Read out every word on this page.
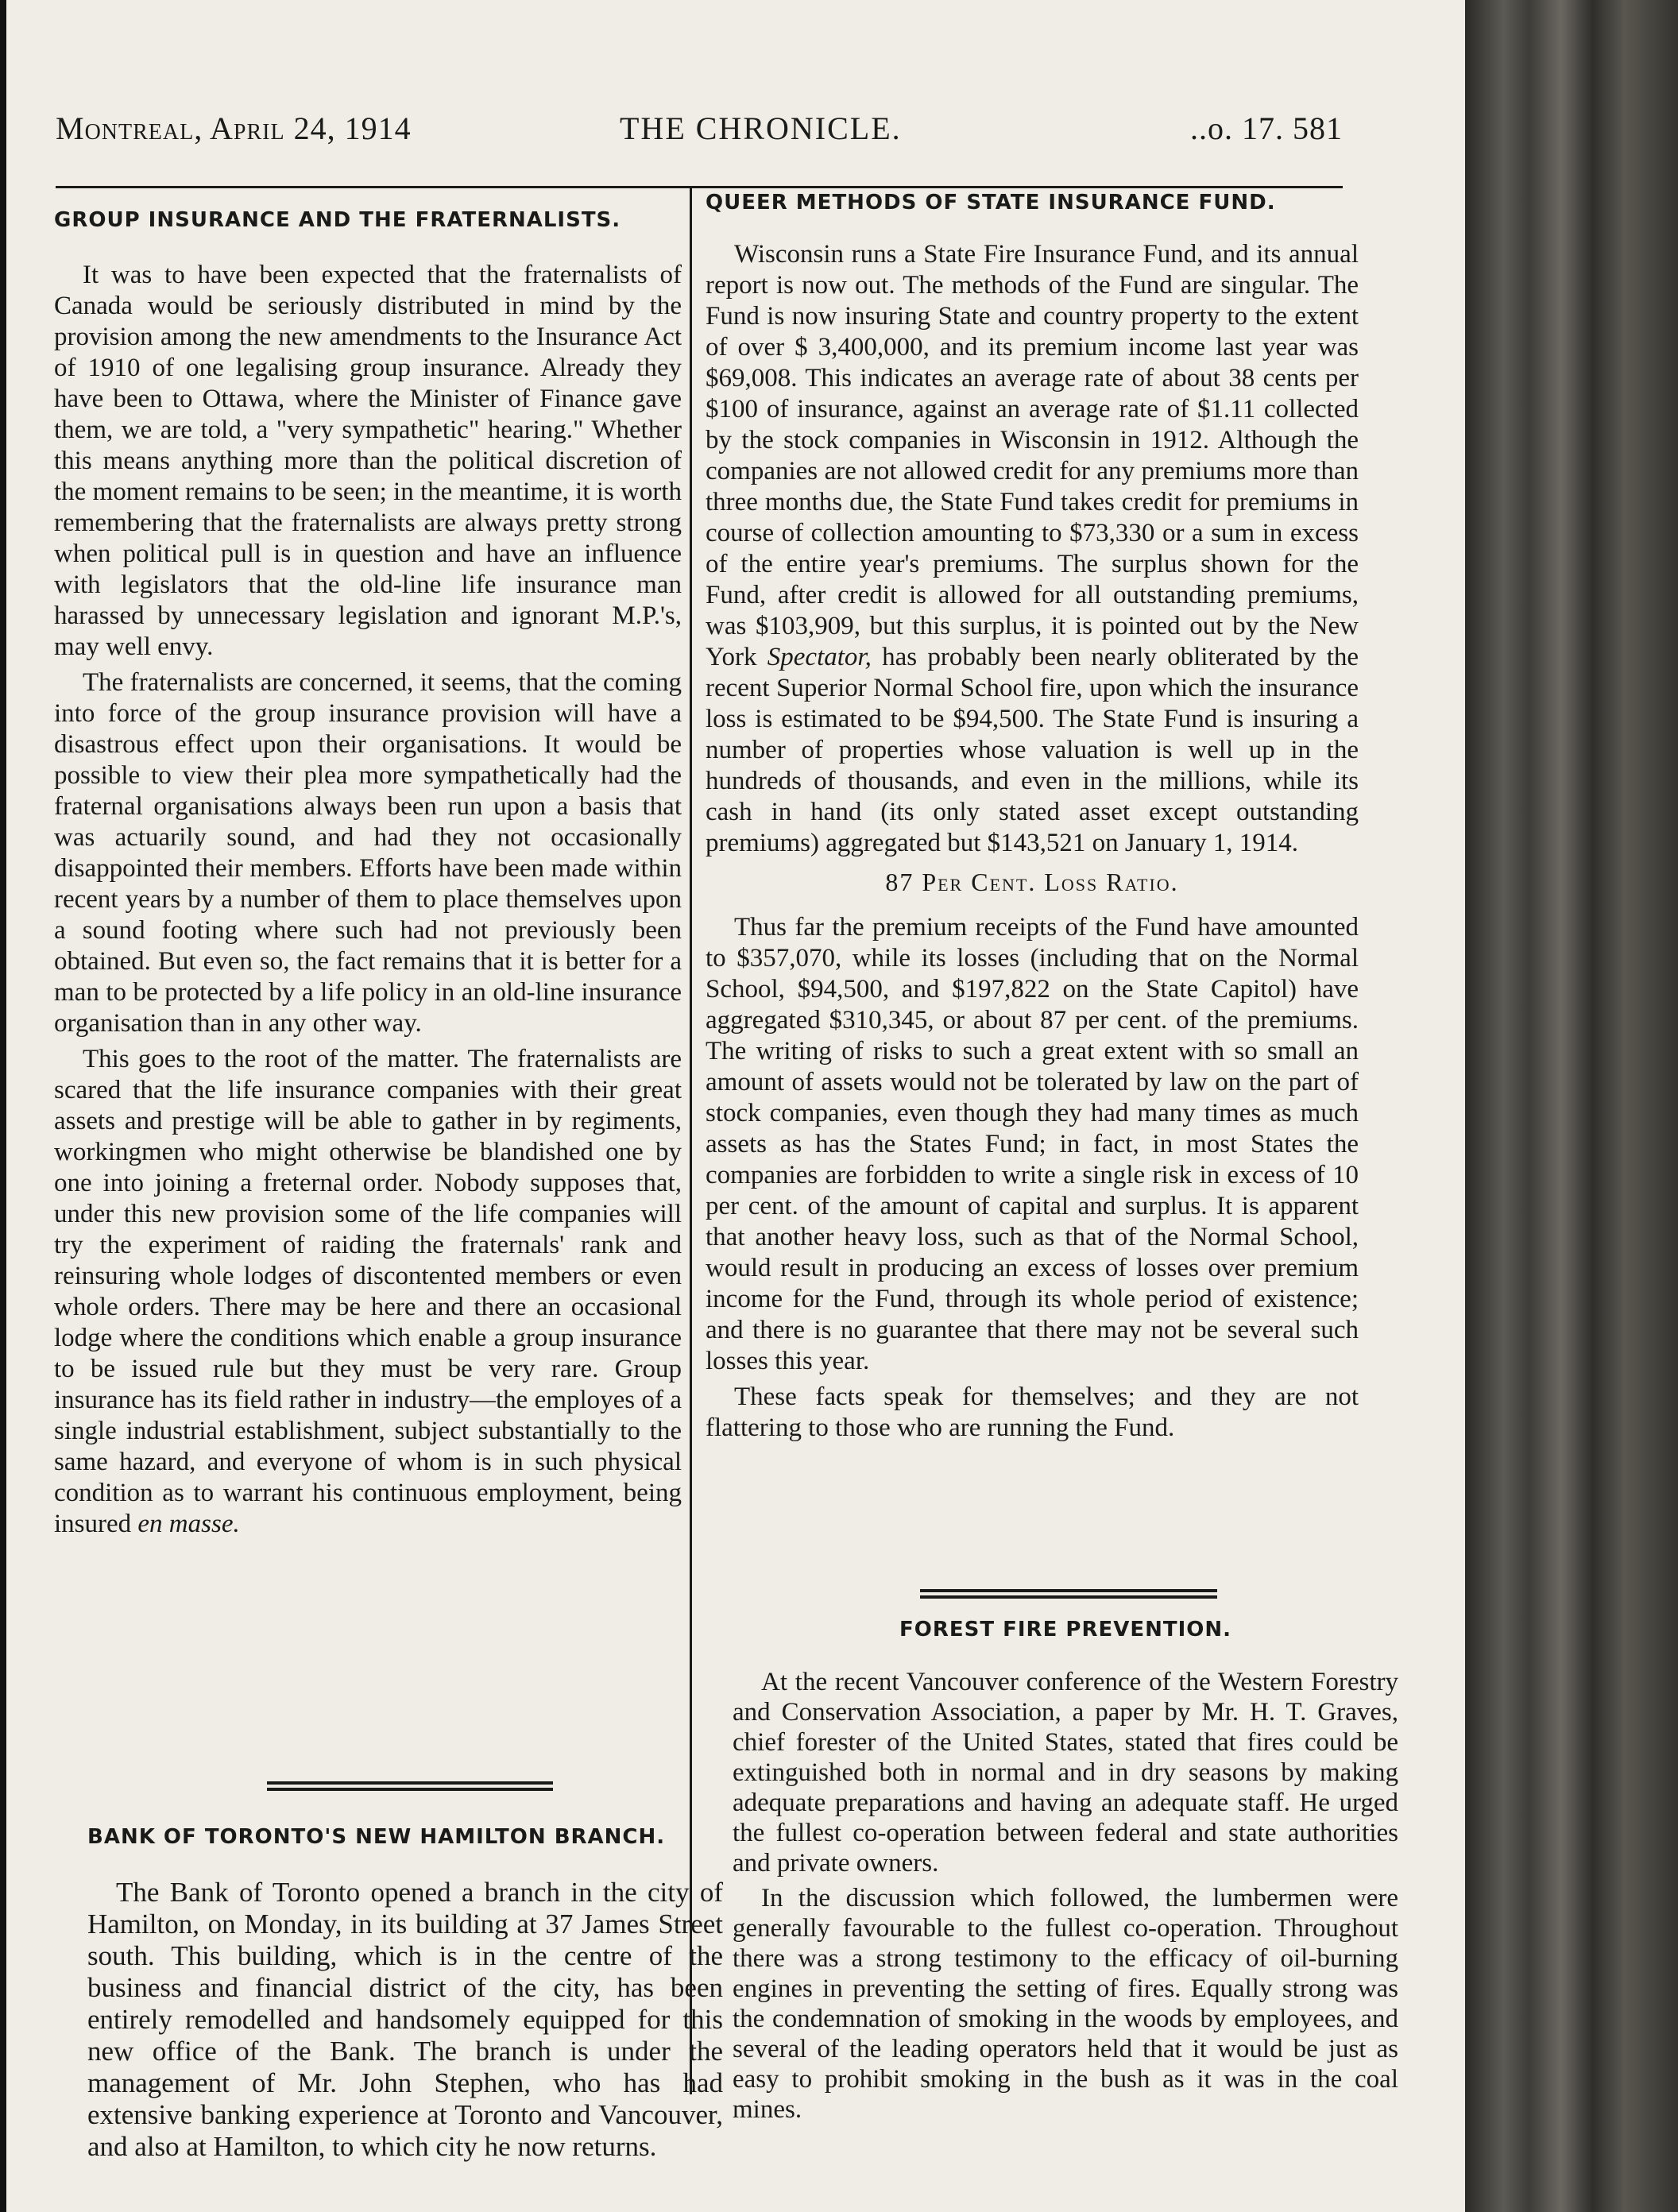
Montreal, April 24, 1914	THE CHRONICLE.	..o. 17. 581
GROUP INSURANCE AND THE FRATERNALISTS.

It was to have been expected that the fraternalists of Canada would be seriously distributed in mind by the provision among the new amendments to the Insurance Act of 1910 of one legalising group insurance. Already they have been to Ottawa, where the Minister of Finance gave them, we are told, a "very sympathetic" hearing." Whether this means anything more than the political discretion of the moment remains to be seen; in the meantime, it is worth remembering that the fraternalists are always pretty strong when political pull is in question and have an influence with legislators that the old-line life insurance man harassed by unnecessary legislation and ignorant M.P.'s, may well envy.

The fraternalists are concerned, it seems, that the coming into force of the group insurance provision will have a disastrous effect upon their organisations. It would be possible to view their plea more sympathetically had the fraternal organisations always been run upon a basis that was actuarily sound, and had they not occasionally disappointed their members. Efforts have been made within recent years by a number of them to place themselves upon a sound footing where such had not previously been obtained. But even so, the fact remains that it is better for a man to be protected by a life policy in an old-line insurance organisation than in any other way.

This goes to the root of the matter. The fraternalists are scared that the life insurance companies with their great assets and prestige will be able to gather in by regiments, workingmen who might otherwise be blandished one by one into joining a freternal order. Nobody supposes that, under this new provision some of the life companies will try the experiment of raiding the fraternals' rank and reinsuring whole lodges of discontented members or even whole orders. There may be here and there an occasional lodge where the conditions which enable a group insurance to be issued rule but they must be very rare. Group insurance has its field rather in industry—the employes of a single industrial establishment, subject substantially to the same hazard, and everyone of whom is in such physical condition as to warrant his continuous employment, being insured en masse.

BANK OF TORONTO'S NEW HAMILTON BRANCH.

The Bank of Toronto opened a branch in the city of Hamilton, on Monday, in its building at 37 James Street south. This building, which is in the centre of the business and financial district of the city, has been entirely remodelled and handsomely equipped for this new office of the Bank. The branch is under the management of Mr. John Stephen, who has had extensive banking experience at Toronto and Vancouver, and also at Hamilton, to which city he now returns.

QUEER METHODS OF STATE INSURANCE FUND.

Wisconsin runs a State Fire Insurance Fund, and its annual report is now out. The methods of the Fund are singular. The Fund is now insuring State and country property to the extent of over $ 3,400,000, and its premium income last year was $69,008. This indicates an average rate of about 38 cents per $100 of insurance, against an average rate of $1.11 collected by the stock companies in Wisconsin in 1912. Although the companies are not allowed credit for any premiums more than three months due, the State Fund takes credit for premiums in course of collection amounting to $73,330 or a sum in excess of the entire year's premiums. The surplus shown for the Fund, after credit is allowed for all outstanding premiums, was $103,909, but this surplus, it is pointed out by the New York Spectator, has probably been nearly obliterated by the recent Superior Normal School fire, upon which the insurance loss is estimated to be $94,500. The State Fund is insuring a number of properties whose valuation is well up in the hundreds of thousands, and even in the millions, while its cash in hand (its only stated asset except outstanding premiums) aggregated but $143,521 on January 1, 1914.

87 Per Cent. Loss Ratio.

Thus far the premium receipts of the Fund have amounted to $357,070, while its losses (including that on the Normal School, $94,500, and $197,822 on the State Capitol) have aggregated $310,345, or about 87 per cent. of the premiums. The writing of risks to such a great extent with so small an amount of assets would not be tolerated by law on the part of stock companies, even though they had many times as much assets as has the States Fund; in fact, in most States the companies are forbidden to write a single risk in excess of 10 per cent. of the amount of capital and surplus. It is apparent that another heavy loss, such as that of the Normal School, would result in producing an excess of losses over premium income for the Fund, through its whole period of existence; and there is no guarantee that there may not be several such losses this year.

These facts speak for themselves; and they are not flattering to those who are running the Fund.

FOREST FIRE PREVENTION.

At the recent Vancouver conference of the Western Forestry and Conservation Association, a paper by Mr. H. T. Graves, chief forester of the United States, stated that fires could be extinguished both in normal and in dry seasons by making adequate preparations and having an adequate staff. He urged the fullest co-operation between federal and state authorities and private owners.

In the discussion which followed, the lumbermen were generally favourable to the fullest co-operation. Throughout there was a strong testimony to the efficacy of oil-burning engines in preventing the setting of fires. Equally strong was the condemnation of smoking in the woods by employees, and several of the leading operators held that it would be just as easy to prohibit smoking in the bush as it was in the coal mines.
